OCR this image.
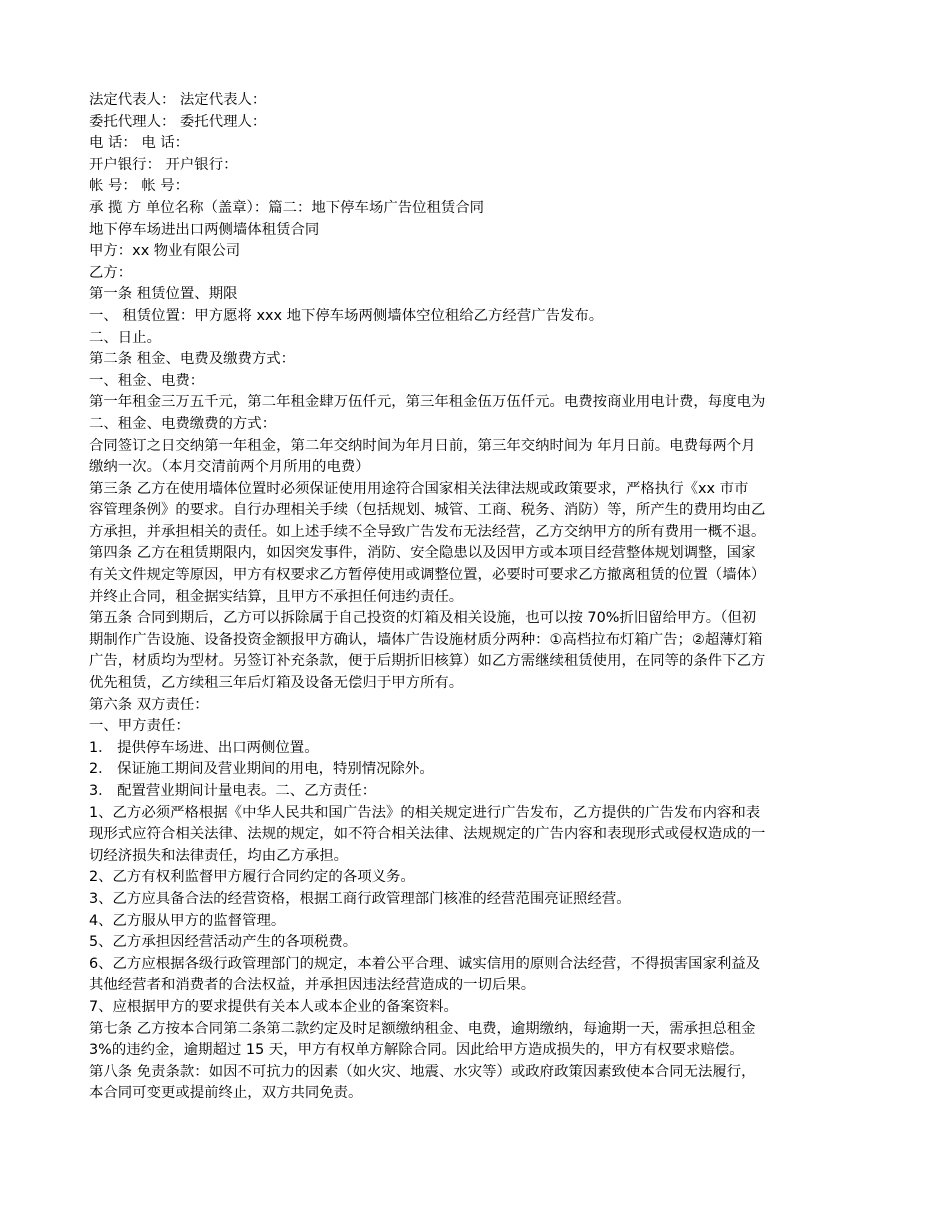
法定代表人： 法定代表人：
委托代理人： 委托代理人：
电 话： 电 话：
开户银行： 开户银行：
帐 号： 帐 号：
承 揽 方 单位名称（盖章）：篇二：地下停车场广告位租赁合同
地下停车场进出口两侧墙体租赁合同
甲方：xx 物业有限公司
乙方：
第一条 租赁位置、期限
一、 租赁位置：甲方愿将 xxx 地下停车场两侧墙体空位租给乙方经营广告发布。
二、日止。
第二条 租金、电费及缴费方式：
一、租金、电费：
第一年租金三万五千元，第二年租金肆万伍仟元，第三年租金伍万伍仟元。电费按商业用电计费，每度电为
二、租金、电费缴费的方式：
合同签订之日交纳第一年租金，第二年交纳时间为年月日前，第三年交纳时间为 年月日前。电费每两个月
缴纳一次。（本月交清前两个月所用的电费）
第三条 乙方在使用墙体位置时必须保证使用用途符合国家相关法律法规或政策要求，严格执行《xx 市市
容管理条例》的要求。自行办理相关手续（包括规划、城管、工商、税务、消防）等，所产生的费用均由乙
方承担，并承担相关的责任。如上述手续不全导致广告发布无法经营，乙方交纳甲方的所有费用一概不退。
第四条 乙方在租赁期限内，如因突发事件，消防、安全隐患以及因甲方或本项目经营整体规划调整，国家
有关文件规定等原因，甲方有权要求乙方暂停使用或调整位置，必要时可要求乙方撤离租赁的位置（墙体）
并终止合同，租金据实结算，且甲方不承担任何违约责任。
第五条 合同到期后，乙方可以拆除属于自己投资的灯箱及相关设施，也可以按 70%折旧留给甲方。（但初
期制作广告设施、设备投资金额报甲方确认，墙体广告设施材质分两种：①高档拉布灯箱广告；②超薄灯箱
广告，材质均为型材。另签订补充条款，便于后期折旧核算）如乙方需继续租赁使用，在同等的条件下乙方
优先租赁，乙方续租三年后灯箱及设备无偿归于甲方所有。
第六条 双方责任：
一、甲方责任：
1． 提供停车场进、出口两侧位置。
2． 保证施工期间及营业期间的用电，特别情况除外。
3． 配置营业期间计量电表。二、乙方责任：
1、乙方必须严格根据《中华人民共和国广告法》的相关规定进行广告发布，乙方提供的广告发布内容和表
现形式应符合相关法律、法规的规定，如不符合相关法律、法规规定的广告内容和表现形式或侵权造成的一
切经济损失和法律责任，均由乙方承担。
2、乙方有权利监督甲方履行合同约定的各项义务。
3、乙方应具备合法的经营资格，根据工商行政管理部门核准的经营范围亮证照经营。
4、乙方服从甲方的监督管理。
5、乙方承担因经营活动产生的各项税费。
6、乙方应根据各级行政管理部门的规定，本着公平合理、诚实信用的原则合法经营，不得损害国家利益及
其他经营者和消费者的合法权益，并承担因违法经营造成的一切后果。
7、应根据甲方的要求提供有关本人或本企业的备案资料。
第七条 乙方按本合同第二条第二款约定及时足额缴纳租金、电费，逾期缴纳，每逾期一天，需承担总租金
3%的违约金，逾期超过 15 天，甲方有权单方解除合同。因此给甲方造成损失的，甲方有权要求赔偿。
第八条 免责条款：如因不可抗力的因素（如火灾、地震、水灾等）或政府政策因素致使本合同无法履行，
本合同可变更或提前终止，双方共同免责。
